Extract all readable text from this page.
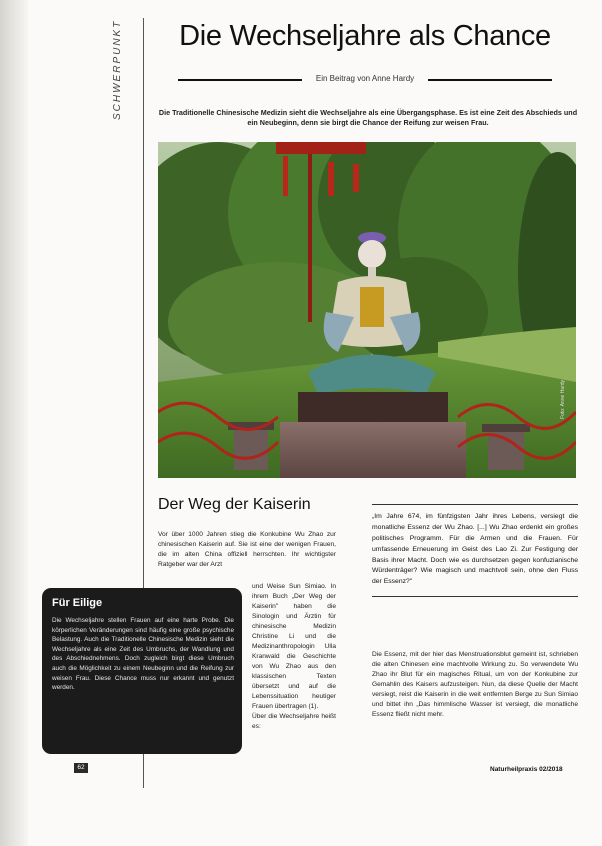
SCHWERPUNKT	Die Wechseljahre als Chance
Ein Beitrag von Anne Hardy
Die Traditionelle Chinesische Medizin sieht die Wechseljahre als eine Übergangsphase. Es ist eine Zeit des Abschieds und ein Neubeginn, denn sie birgt die Chance der Reifung zur weisen Frau.
Foto: Anne Hardy
Der Weg der Kaiserin

Vor über 1000 Jahren stieg die Konkubine Wu Zhao zur chinesischen Kaiserin auf. Sie ist eine der wenigen Frauen, die im alten China offiziell herrschten. Ihr wichtigster Ratgeber war der Arzt

und Weise Sun Simiao. In ihrem Buch „Der Weg der Kaiserin" haben die Sinologin und Ärztin für chinesische Medizin Christine Li und die Medizinanthropologin Ulla Kranwald die Geschichte von Wu Zhao aus den klassischen Texten übersetzt und auf die Lebenssituation heutiger Frauen übertragen (1).

Über die Wechseljahre heißt es:

„Im Jahre 674, im fünfzigsten Jahr ihres Lebens, versiegt die monatliche Essenz der Wu Zhao. [...] Wu Zhao erdenkt ein großes politisches Programm. Für die Armen und die Frauen. Für umfassende Erneuerung im Geist des Lao Zi. Zur Festigung der Basis ihrer Macht. Doch wie es durchsetzen gegen konfuzianische Würdenträger? Wie magisch und machtvoll sein, ohne den Fluss der Essenz?"

Die Essenz, mit der hier das Menstruationsblut gemeint ist, schrieben die alten Chinesen eine machtvolle Wirkung zu. So verwendete Wu Zhao ihr Blut für ein magisches Ritual, um von der Konkubine zur Gemahlin des Kaisers aufzusteigen. Nun, da diese Quelle der Macht versiegt, reist die Kaiserin in die weit entfernten Berge zu Sun Simiao und bittet ihn „Das himmlische Wasser ist versiegt, die monatliche Essenz fließt nicht mehr.

Für Eilige

Die Wechseljahre stellen Frauen auf eine harte Probe. Die körperlichen Veränderungen sind häufig eine große psychische Belastung. Auch die Traditionelle Chinesische Medizin sieht die Wechseljahre als eine Zeit des Umbruchs, der Wandlung und des Abschiednehmens. Doch zugleich birgt diese Umbruch auch die Möglichkeit zu einem Neubeginn und die Reifung zur weisen Frau. Diese Chance muss nur erkannt und genutzt werden.

62	Naturheilpraxis 02/2018
